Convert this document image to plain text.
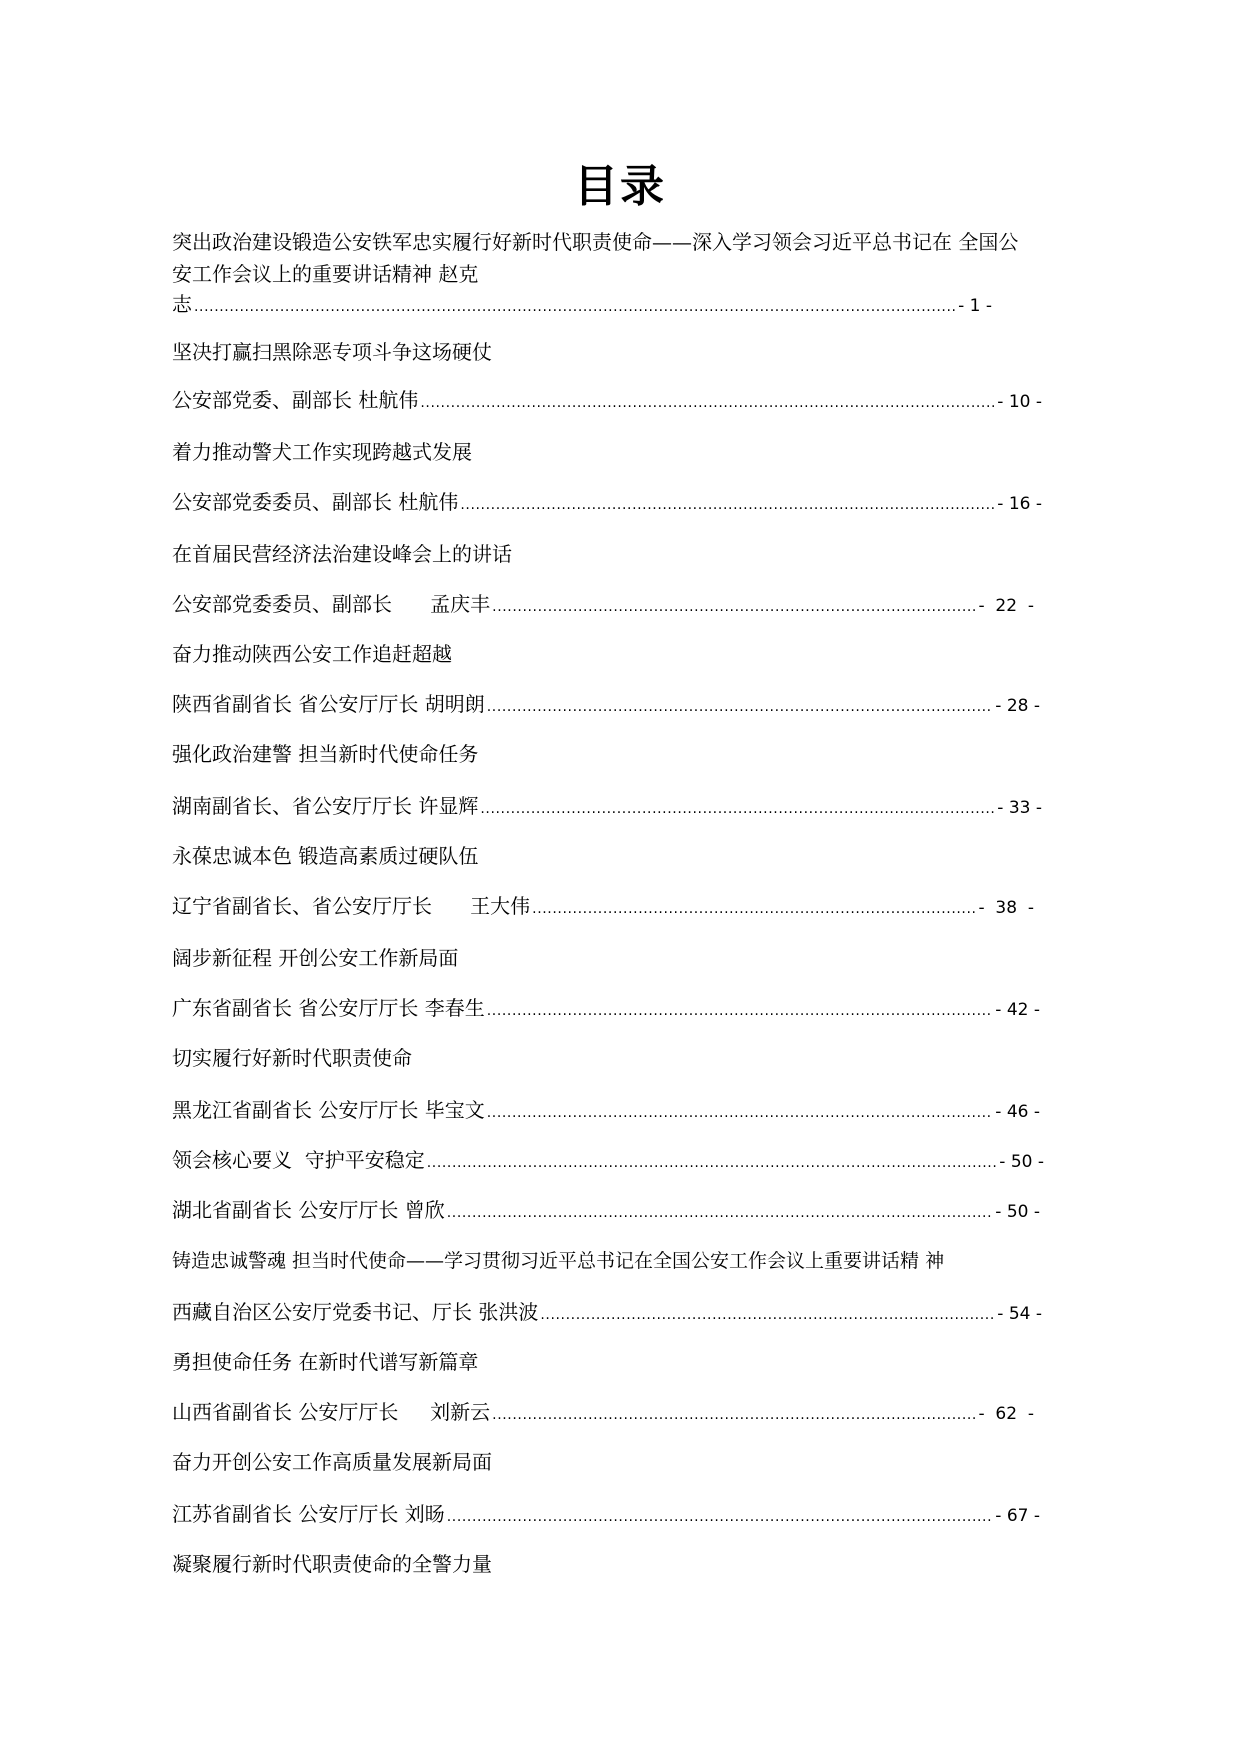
目录
突出政治建设锻造公安铁军忠实履行好新时代职责使命——深入学习领会习近平总书记在 全国公
安工作会议上的重要讲话精神 赵克
志 .....	- 1 -
坚决打赢扫黑除恶专项斗争这场硬仗
公安部党委、副部长 杜航伟 .....	- 10 -
着力推动警犬工作实现跨越式发展
公安部党委委员、副部长 杜航伟 .....	- 16 -
在首届民营经济法治建设峰会上的讲话
公安部党委委员、副部长      孟庆丰 .....	-  22  -
奋力推动陕西公安工作追赶超越
陕西省副省长 省公安厅厅长 胡明朗 .....	- 28 -
强化政治建警 担当新时代使命任务
湖南副省长、省公安厅厅长 许显辉 .....	- 33 -
永葆忠诚本色 锻造高素质过硬队伍
辽宁省副省长、省公安厅厅长      王大伟 .....	-  38  -
阔步新征程 开创公安工作新局面
广东省副省长 省公安厅厅长 李春生 .....	- 42 -
切实履行好新时代职责使命
黑龙江省副省长 公安厅厅长 毕宝文 .....	- 46 -
领会核心要义  守护平安稳定 .....	- 50 -
湖北省副省长 公安厅厅长 曾欣 .....	- 50 -
铸造忠诚警魂 担当时代使命——学习贯彻习近平总书记在全国公安工作会议上重要讲话精 神
西藏自治区公安厅党委书记、厅长 张洪波 .....	- 54 -
勇担使命任务 在新时代谱写新篇章
山西省副省长 公安厅厅长     刘新云 .....	-  62  -
奋力开创公安工作高质量发展新局面
江苏省副省长 公安厅厅长 刘旸 .....	- 67 -
凝聚履行新时代职责使命的全警力量
